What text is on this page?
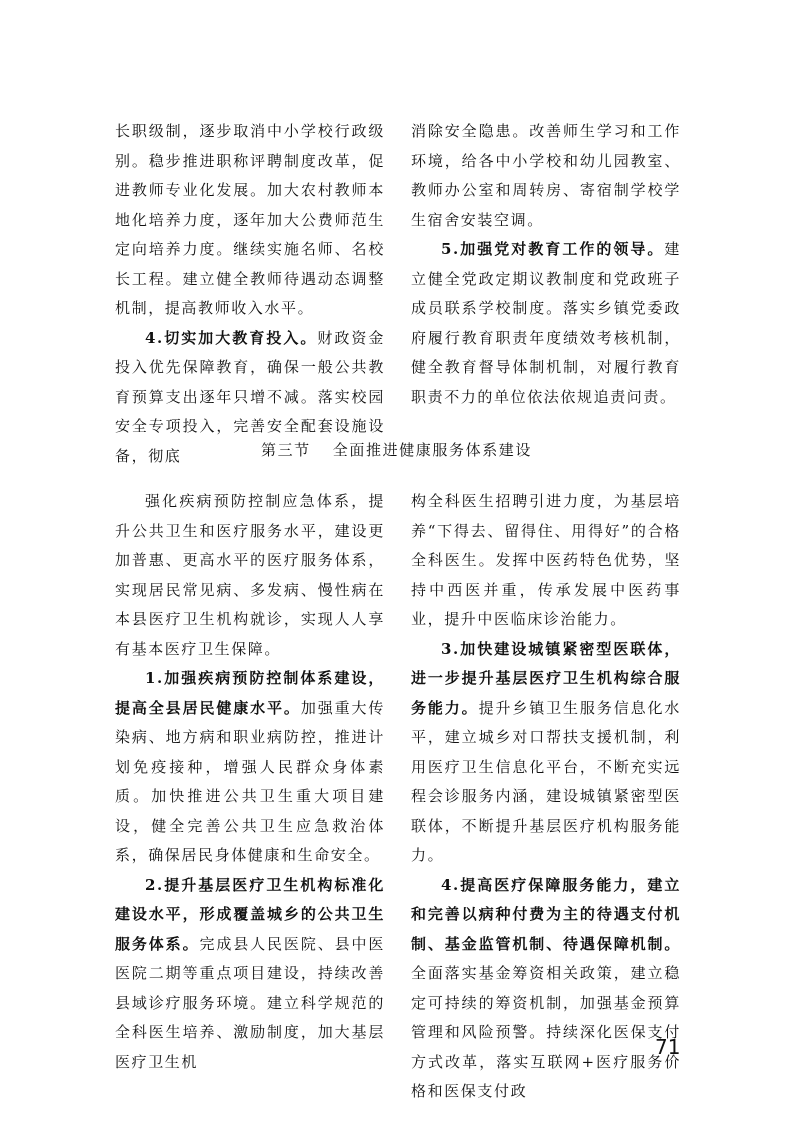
长职级制，逐步取消中小学校行政级别。稳步推进职称评聘制度改革，促进教师专业化发展。加大农村教师本地化培养力度，逐年加大公费师范生定向培养力度。继续实施名师、名校长工程。建立健全教师待遇动态调整机制，提高教师收入水平。

4.切实加大教育投入。财政资金投入优先保障教育，确保一般公共教育预算支出逐年只增不减。落实校园安全专项投入，完善安全配套设施设备，彻底

消除安全隐患。改善师生学习和工作环境，给各中小学校和幼儿园教室、教师办公室和周转房、寄宿制学校学生宿舍安装空调。

5.加强党对教育工作的领导。建立健全党政定期议教制度和党政班子成员联系学校制度。落实乡镇党委政府履行教育职责年度绩效考核机制，健全教育督导体制机制，对履行教育职责不力的单位依法依规追责问责。

第三节 全面推进健康服务体系建设

强化疾病预防控制应急体系，提升公共卫生和医疗服务水平，建设更加普惠、更高水平的医疗服务体系，实现居民常见病、多发病、慢性病在本县医疗卫生机构就诊，实现人人享有基本医疗卫生保障。

1.加强疾病预防控制体系建设，提高全县居民健康水平。加强重大传染病、地方病和职业病防控，推进计划免疫接种，增强人民群众身体素质。加快推进公共卫生重大项目建设，健全完善公共卫生应急救治体系，确保居民身体健康和生命安全。

2.提升基层医疗卫生机构标准化建设水平，形成覆盖城乡的公共卫生服务体系。完成县人民医院、县中医医院二期等重点项目建设，持续改善县域诊疗服务环境。建立科学规范的全科医生培养、激励制度，加大基层医疗卫生机

构全科医生招聘引进力度，为基层培养“下得去、留得住、用得好”的合格全科医生。发挥中医药特色优势，坚持中西医并重，传承发展中医药事业，提升中医临床诊治能力。

3.加快建设城镇紧密型医联体，进一步提升基层医疗卫生机构综合服务能力。提升乡镇卫生服务信息化水平，建立城乡对口帮扶支援机制，利用医疗卫生信息化平台，不断充实远程会诊服务内涵，建设城镇紧密型医联体，不断提升基层医疗机构服务能力。

4.提高医疗保障服务能力，建立和完善以病种付费为主的待遇支付机制、基金监管机制、待遇保障机制。全面落实基金筹资相关政策，建立稳定可持续的筹资机制，加强基金预算管理和风险预警。持续深化医保支付方式改革，落实互联网+医疗服务价格和医保支付政

71
